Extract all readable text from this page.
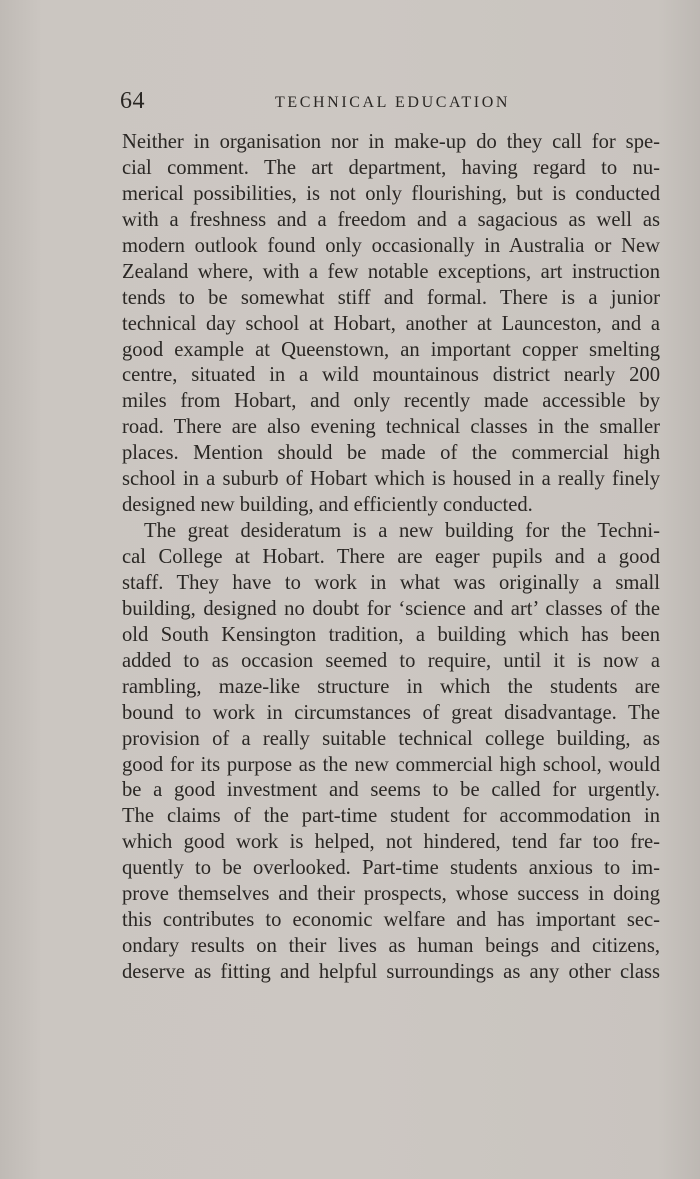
64	TECHNICAL EDUCATION
Neither in organisation nor in make-up do they call for spe-
cial comment. The art department, having regard to nu-
merical possibilities, is not only flourishing, but is conducted
with a freshness and a freedom and a sagacious as well as
modern outlook found only occasionally in Australia or New
Zealand where, with a few notable exceptions, art instruction
tends to be somewhat stiff and formal. There is a junior
technical day school at Hobart, another at Launceston, and a
good example at Queenstown, an important copper smelting
centre, situated in a wild mountainous district nearly 200
miles from Hobart, and only recently made accessible by
road. There are also evening technical classes in the smaller
places. Mention should be made of the commercial high
school in a suburb of Hobart which is housed in a really finely
designed new building, and efficiently conducted.
The great desideratum is a new building for the Techni-
cal College at Hobart. There are eager pupils and a good
staff. They have to work in what was originally a small
building, designed no doubt for ‘science and art’ classes of the
old South Kensington tradition, a building which has been
added to as occasion seemed to require, until it is now a
rambling, maze-like structure in which the students are
bound to work in circumstances of great disadvantage. The
provision of a really suitable technical college building, as
good for its purpose as the new commercial high school, would
be a good investment and seems to be called for urgently.
The claims of the part-time student for accommodation in
which good work is helped, not hindered, tend far too fre-
quently to be overlooked. Part-time students anxious to im-
prove themselves and their prospects, whose success in doing
this contributes to economic welfare and has important sec-
ondary results on their lives as human beings and citizens,
deserve as fitting and helpful surroundings as any other class
